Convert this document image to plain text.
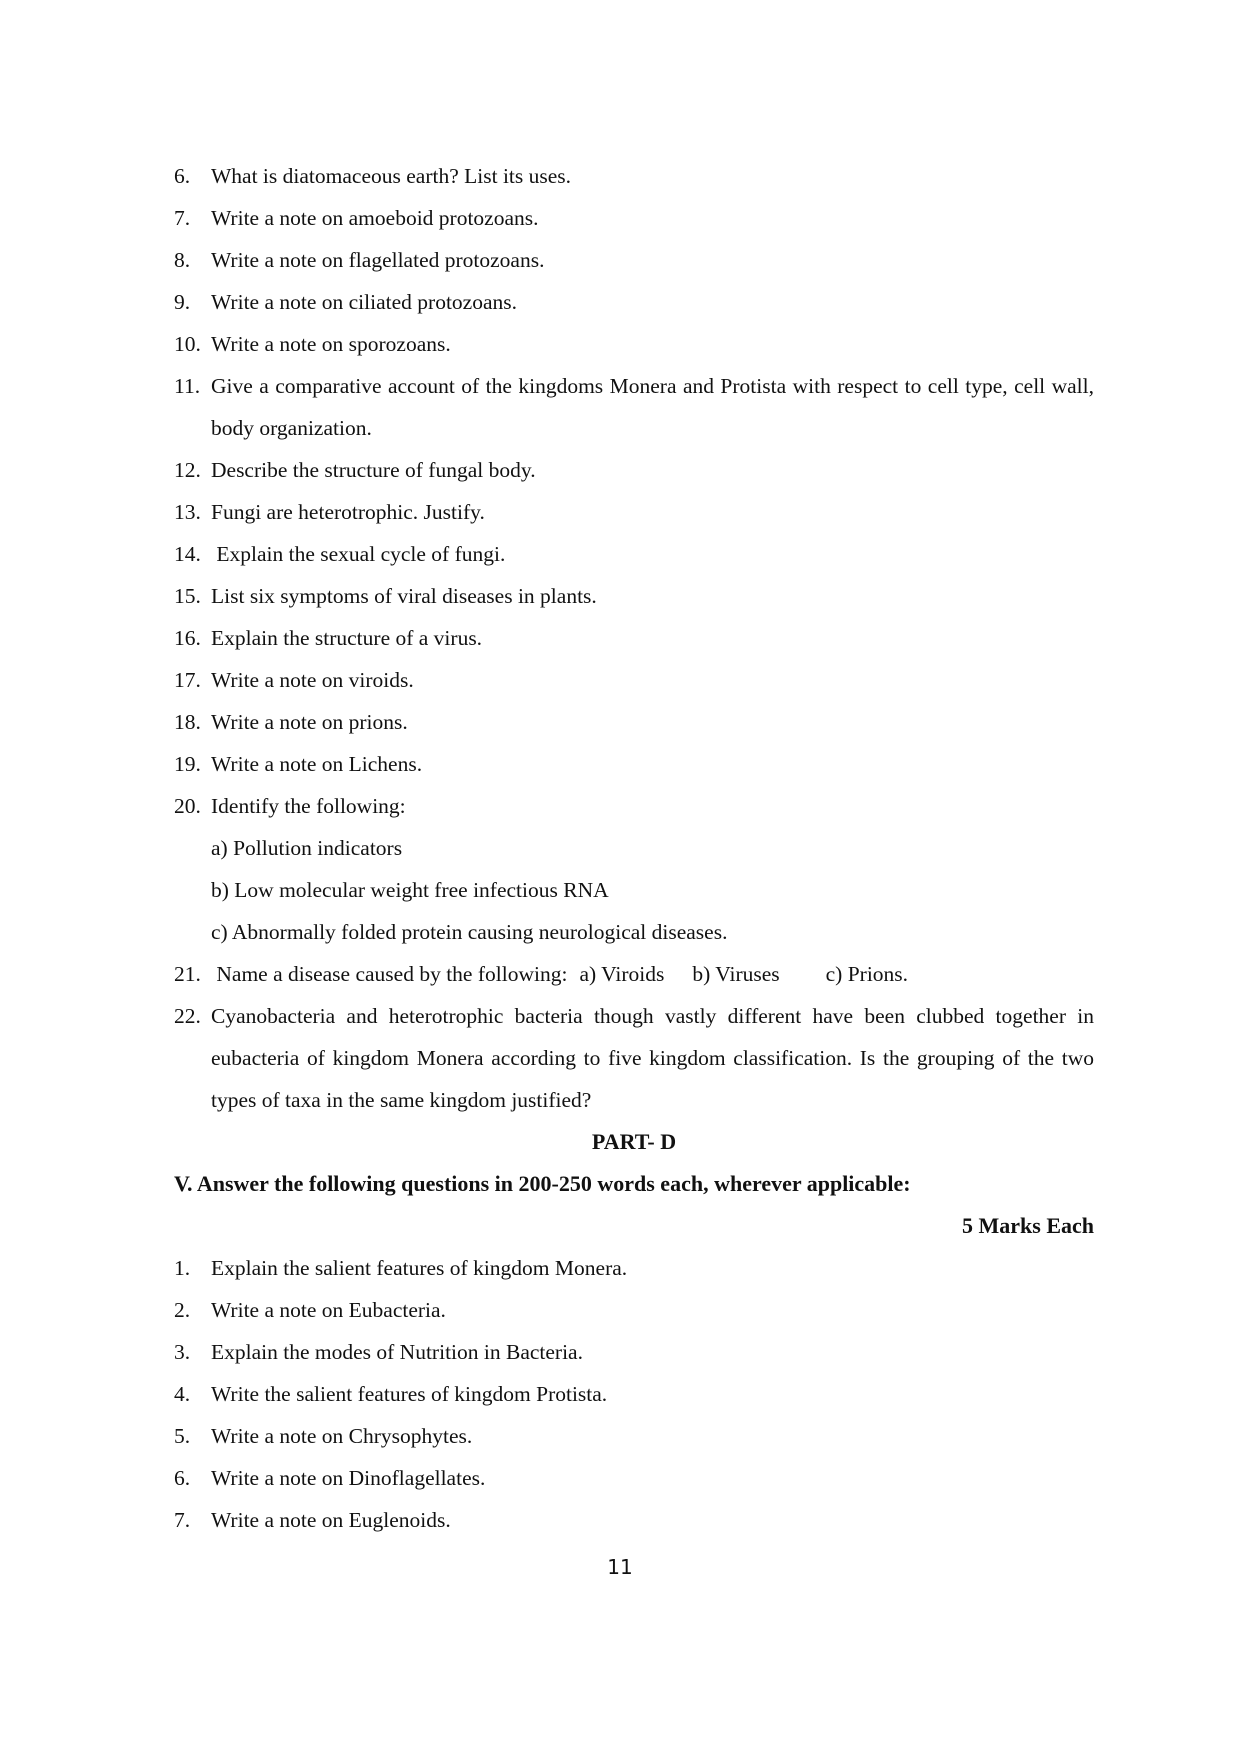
6. What is diatomaceous earth? List its uses.
7. Write a note on amoeboid protozoans.
8. Write a note on flagellated protozoans.
9. Write a note on ciliated protozoans.
10. Write a note on sporozoans.
11. Give a comparative account of the kingdoms Monera and Protista with respect to cell type, cell wall, body organization.
12. Describe the structure of fungal body.
13. Fungi are heterotrophic. Justify.
14. Explain the sexual cycle of fungi.
15. List six symptoms of viral diseases in plants.
16. Explain the structure of a virus.
17. Write a note on viroids.
18. Write a note on prions.
19. Write a note on Lichens.
20. Identify the following:
a) Pollution indicators
b) Low molecular weight free infectious RNA
c) Abnormally folded protein causing neurological diseases.
21. Name a disease caused by the following: a) Viroids b) Viruses c) Prions.
22. Cyanobacteria and heterotrophic bacteria though vastly different have been clubbed together in eubacteria of kingdom Monera according to five kingdom classification. Is the grouping of the two types of taxa in the same kingdom justified?
PART- D
V. Answer the following questions in 200-250 words each, wherever applicable:
5 Marks Each
1. Explain the salient features of kingdom Monera.
2. Write a note on Eubacteria.
3. Explain the modes of Nutrition in Bacteria.
4. Write the salient features of kingdom Protista.
5. Write a note on Chrysophytes.
6. Write a note on Dinoflagellates.
7. Write a note on Euglenoids.
11
